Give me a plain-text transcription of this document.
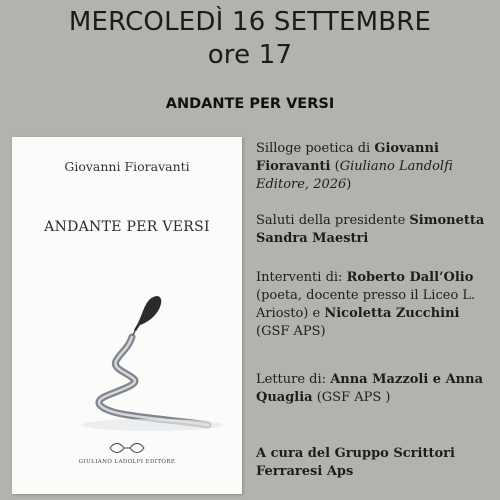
MERCOLEDÌ 16 SETTEMBRE
ore 17
ANDANTE PER VERSI
Giovanni Fioravanti
ANDANTE PER VERSI
GIULIANO LADOLFI EDITORE

Silloge poetica di Giovanni Fioravanti (Giuliano Landolfi Editore, 2026)

Saluti della presidente Simonetta Sandra Maestri

Interventi di: Roberto Dall’Olio (poeta, docente presso il Liceo L. Ariosto) e Nicoletta Zucchini (GSF APS)

Letture di: Anna Mazzoli e Anna Quaglia (GSF APS )

A cura del Gruppo Scrittori Ferraresi Aps
